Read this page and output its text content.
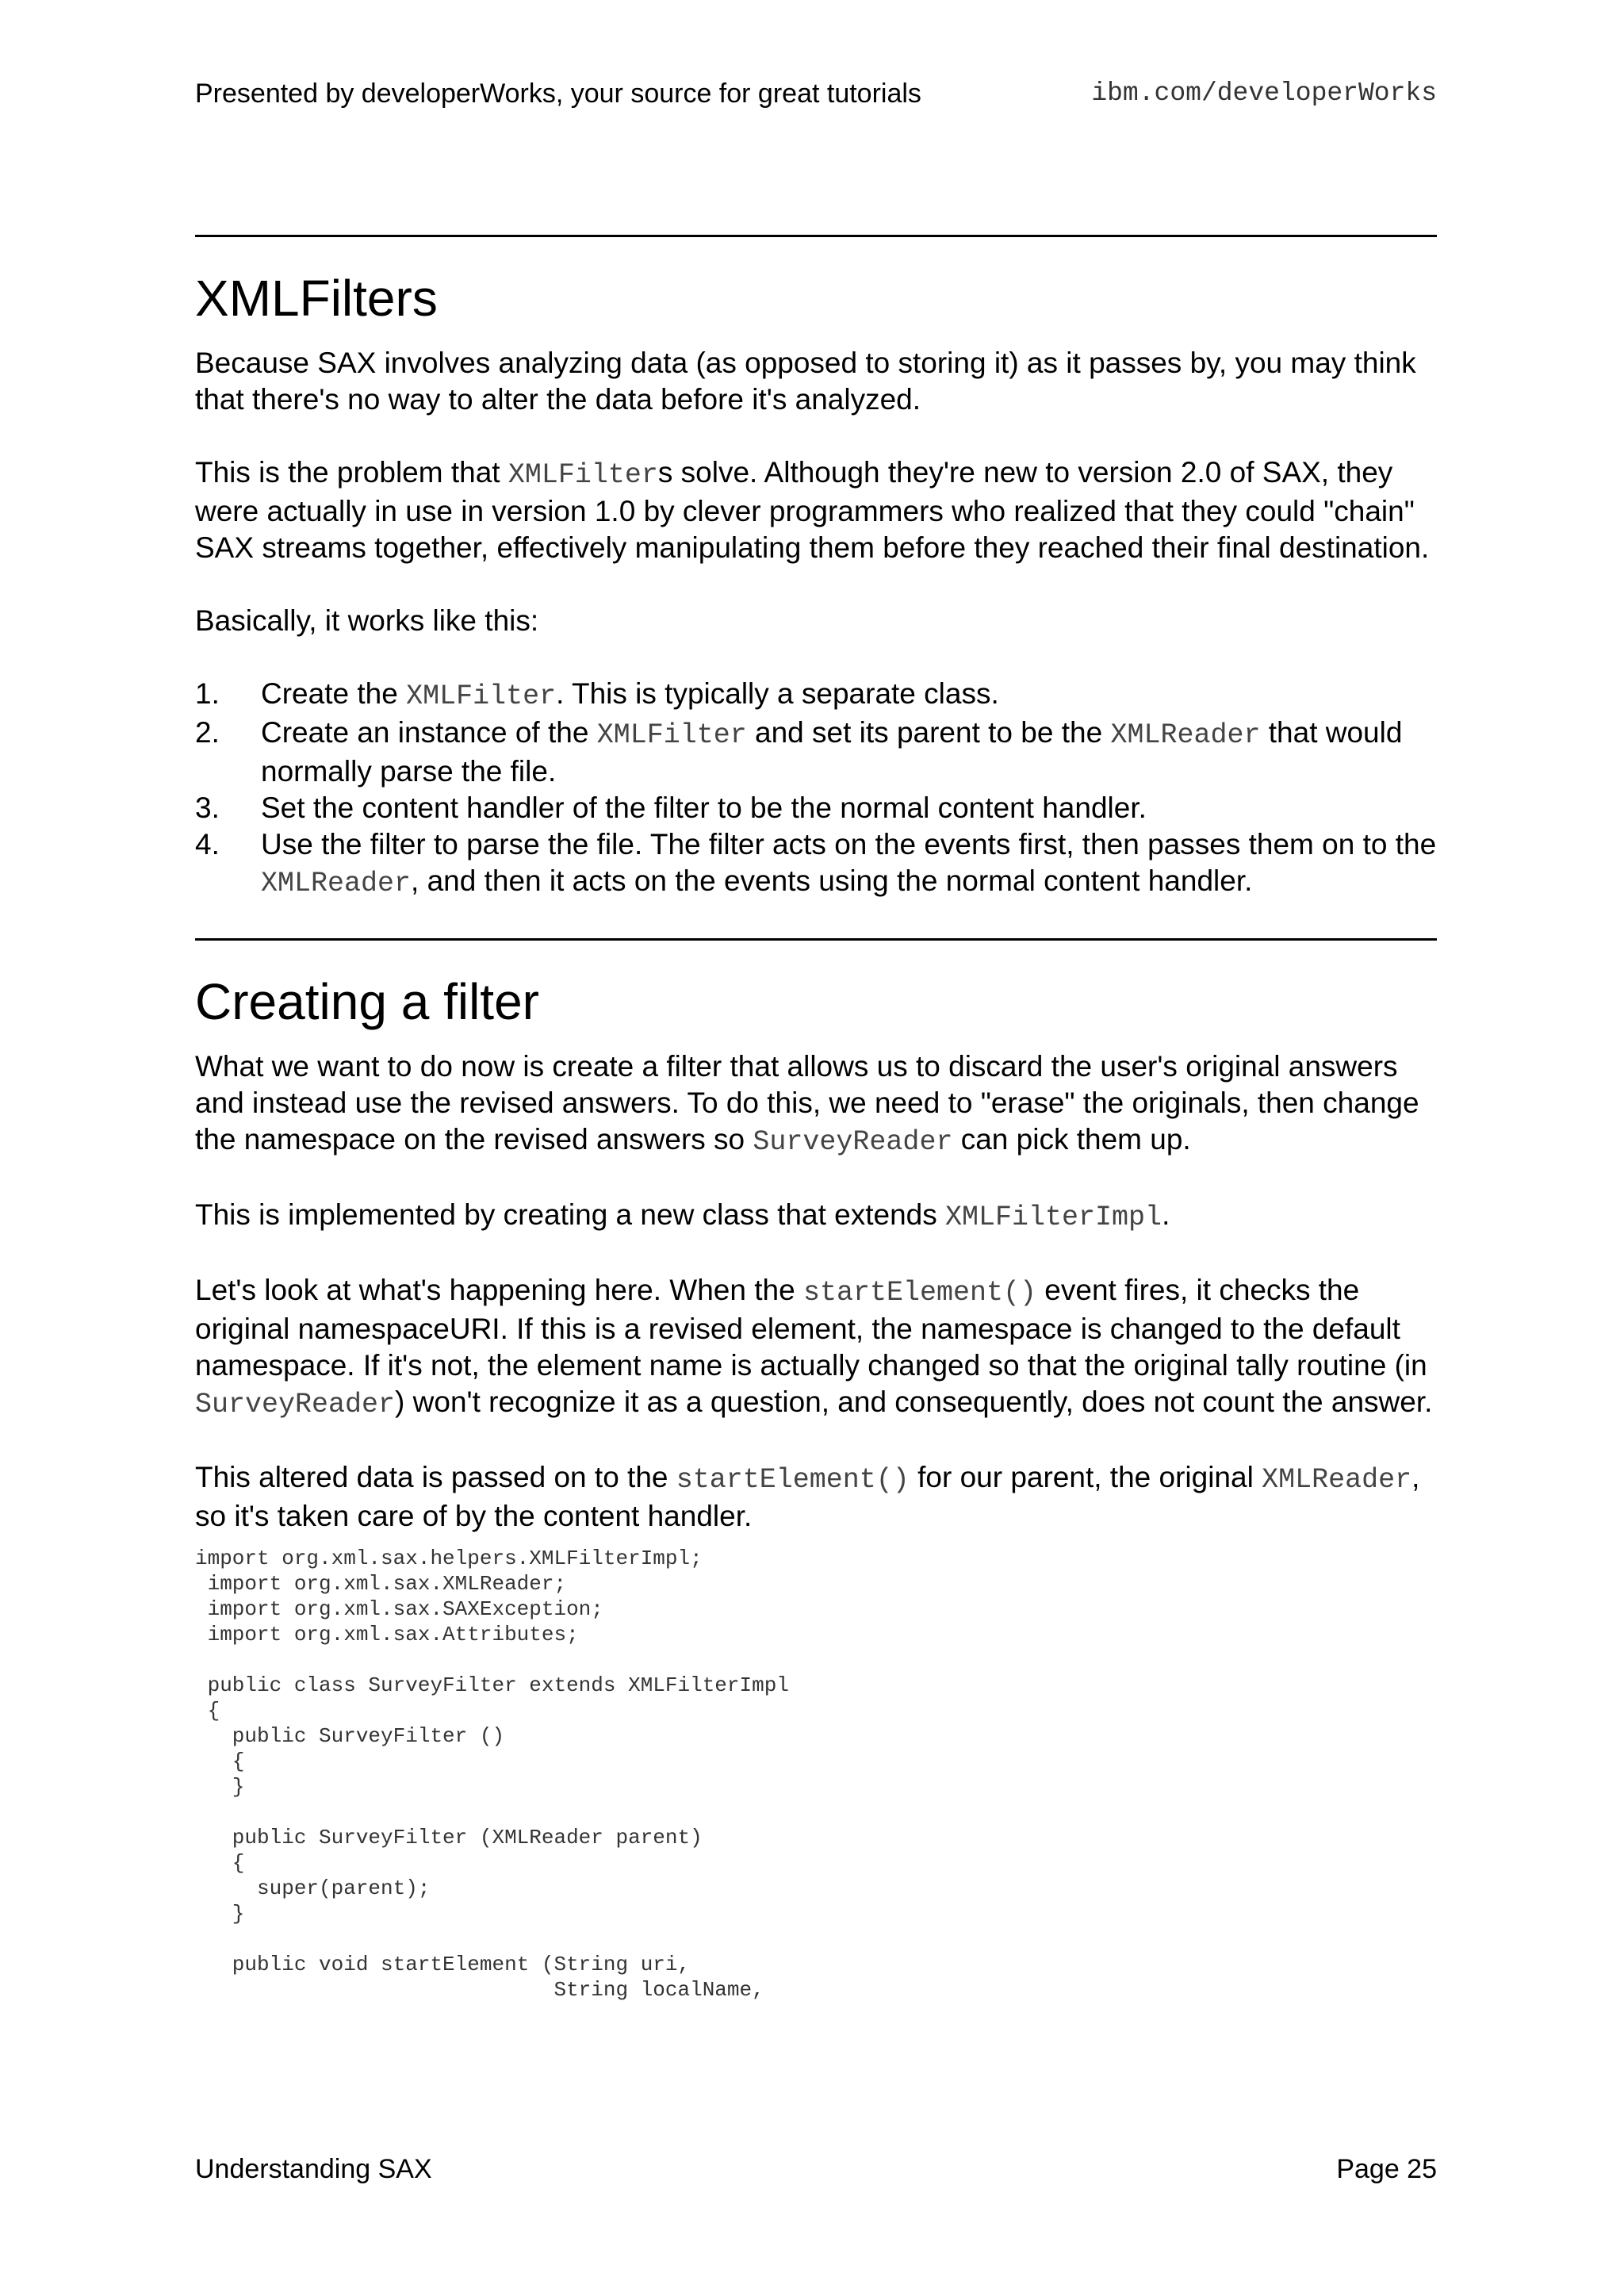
Presented by developerWorks, your source for great tutorials	ibm.com/developerWorks
XMLFilters

Because SAX involves analyzing data (as opposed to storing it) as it passes by, you may think that there's no way to alter the data before it's analyzed.

This is the problem that XMLFilters solve. Although they're new to version 2.0 of SAX, they were actually in use in version 1.0 by clever programmers who realized that they could "chain" SAX streams together, effectively manipulating them before they reached their final destination.

Basically, it works like this:

1. Create the XMLFilter. This is typically a separate class.
2. Create an instance of the XMLFilter and set its parent to be the XMLReader that would normally parse the file.
3. Set the content handler of the filter to be the normal content handler.
4. Use the filter to parse the file. The filter acts on the events first, then passes them on to the XMLReader, and then it acts on the events using the normal content handler.
Creating a filter

What we want to do now is create a filter that allows us to discard the user's original answers and instead use the revised answers. To do this, we need to "erase" the originals, then change the namespace on the revised answers so SurveyReader can pick them up.

This is implemented by creating a new class that extends XMLFilterImpl.

Let's look at what's happening here. When the startElement() event fires, it checks the original namespaceURI. If this is a revised element, the namespace is changed to the default namespace. If it's not, the element name is actually changed so that the original tally routine (in SurveyReader) won't recognize it as a question, and consequently, does not count the answer.

This altered data is passed on to the startElement() for our parent, the original XMLReader, so it's taken care of by the content handler.

import org.xml.sax.helpers.XMLFilterImpl;
import org.xml.sax.XMLReader;
import org.xml.sax.SAXException;
import org.xml.sax.Attributes;

public class SurveyFilter extends XMLFilterImpl
{
public SurveyFilter ()
{
}

public SurveyFilter (XMLReader parent)
{
super(parent);
}

public void startElement (String uri,
String localName,
Understanding SAX	Page 25
